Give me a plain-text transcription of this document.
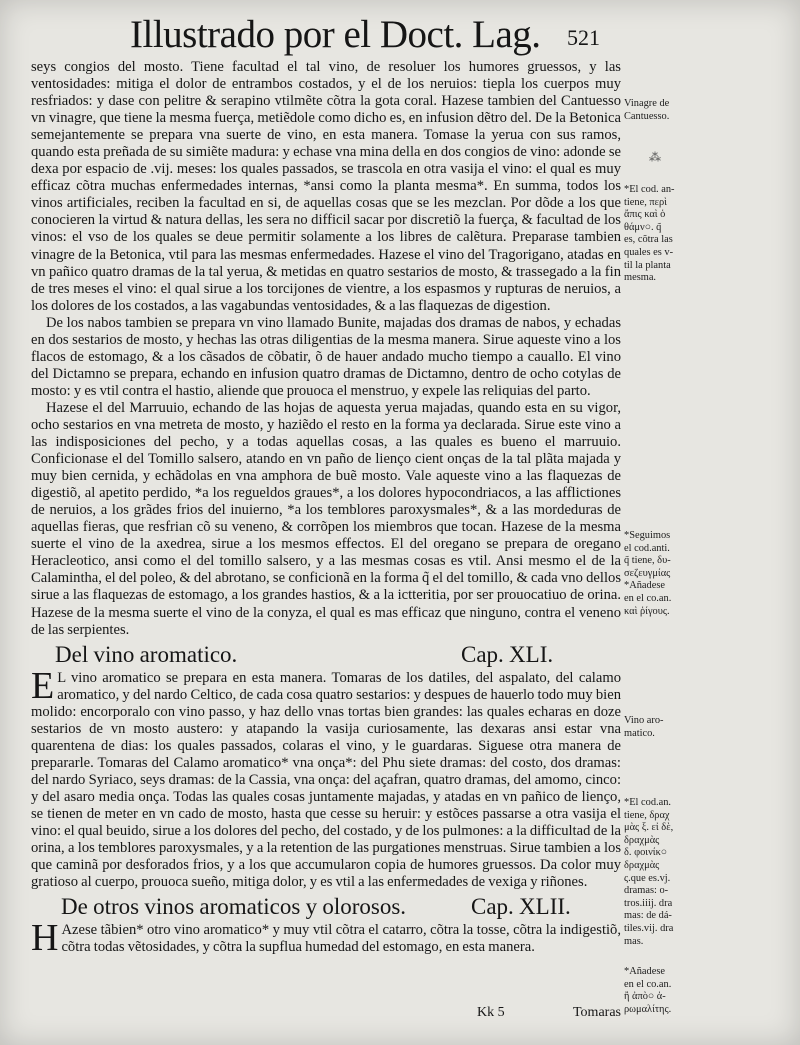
Illustrado por el Doct. Lag. 521

seys congios del mosto. Tiene facultad el tal vino, de resoluer los humores gruessos, y las ventosidades: mitiga el dolor de entrambos costados, y el de los neruios: tiepla los cuerpos muy resfriados: y dase con pelitre & serapino vtilmẽte cõtra la gota coral. Hazese tambien del Cantuesso vn vinagre, que tiene la mesma fuerça, metiẽdole como dicho es, en infusion dẽtro del. De la Betonica semejantemente se prepara vna suerte de vino, en esta manera. Tomase la yerua con sus ramos, quando esta preñada de su simiẽte madura: y echase vna mina della en dos congios de vino: adonde se dexa por espacio de .vij. meses: los quales passados, se trascola en otra vasija el vino: el qual es muy efficaz cõtra muchas enfermedades internas, *ansi como la planta mesma*. En summa, todos los vinos artificiales, reciben la facultad en si, de aquellas cosas que se les mezclan. Por dõde a los que conocieren la virtud & natura dellas, les sera no difficil sacar por discretiõ la fuerça, & facultad de los vinos: el vso de los quales se deue permitir solamente a los libres de calẽtura. Preparase tambien vinagre de la Betonica, vtil para las mesmas enfermedades. Hazese el vino del Tragorigano, atadas en vn pañico quatro dramas de la tal yerua, & metidas en quatro sestarios de mosto, & trassegado a la fin de tres meses el vino: el qual sirue a los torcijones de vientre, a los espasmos y rupturas de neruios, a los dolores de los costados, a las vagabundas ventosidades, & a las flaquezas de digestion.

De los nabos tambien se prepara vn vino llamado Bunite, majadas dos dramas de nabos, y echadas en dos sestarios de mosto, y hechas las otras diligentias de la mesma manera. Sirue aqueste vino a los flacos de estomago, & a los cãsados de cõbatir, õ de hauer andado mucho tiempo a cauallo. El vino del Dictamno se prepara, echando en infusion quatro dramas de Dictamno, dentro de ocho cotylas de mosto: y es vtil contra el hastio, aliende que prouoca el menstruo, y expele las reliquias del parto.

Hazese el del Marruuio, echando de las hojas de aquesta yerua majadas, quando esta en su vigor, ocho sestarios en vna metreta de mosto, y haziẽdo el resto en la forma ya declarada. Sirue este vino a las indisposiciones del pecho, y a todas aquellas cosas, a las quales es bueno el marruuio. Conficionase el del Tomillo salsero, atando en vn paño de lienço cient onças de la tal plãta majada y muy bien cernida, y echãdolas en vna amphora de buẽ mosto. Vale aqueste vino a las flaquezas de digestiõ, al apetito perdido, *a los regueldos graues*, a los dolores hypocondriacos, a las afflictiones de neruios, a los grãdes frios del inuierno, *a los temblores paroxysmales*, & a las mordeduras de aquellas fieras, que resfrian cõ su veneno, & corrõpen los miembros que tocan. Hazese de la mesma suerte el vino de la axedrea, sirue a los mesmos effectos. El del oregano se prepara de oregano Heracleotico, ansi como el del tomillo salsero, y a las mesmas cosas es vtil. Ansi mesmo el de la Calamintha, el del poleo, & del abrotano, se conficionã en la forma q̃ el del tomillo, & cada vno dellos sirue a las flaquezas de estomago, a los grandes hastios, & a la ictteritia, por ser prouocatiuo de orina. Hazese de la mesma suerte el vino de la conyza, el qual es mas efficaz que ninguno, contra el veneno de las serpientes.

Del vino aromatico.	Cap. XLI.

E L vino aromatico se prepara en esta manera. Tomaras de los datiles, del aspalato, del calamo aromatico, y del nardo Celtico, de cada cosa quatro sestarios: y despues de hauerlo todo muy bien molido: encorporalo con vino passo, y haz dello vnas tortas bien grandes: las quales echaras en doze sestarios de vn mosto austero: y atapando la vasija curiosamente, las dexaras ansi estar vna quarentena de dias: los quales passados, colaras el vino, y le guardaras. Siguese otra manera de prepararle. Tomaras del Calamo aromatico* vna onça*: del Phu siete dramas: del costo, dos dramas: del nardo Syriaco, seys dramas: de la Cassia, vna onça: del açafran, quatro dramas, del amomo, cinco: y del asaro media onça. Todas las quales cosas juntamente majadas, y atadas en vn pañico de lienço, se tienen de meter en vn cado de mosto, hasta que cesse su heruir: y estõces passarse a otra vasija el vino: el qual beuido, sirue a los dolores del pecho, del costado, y de los pulmones: a la difficultad de la orina, a los temblores paroxysmales, y a la retention de las purgationes menstruas. Sirue tambien a los que caminã por desforados frios, y a los que accumularon copia de humores gruessos. Da color muy gratioso al cuerpo, prouoca sueño, mitiga dolor, y es vtil a las enfermedades de vexiga y riñones.

De otros vinos aromaticos y olorosos.	Cap. XLII.

H Azese tãbien* otro vino aromatico* y muy vtil cõtra el catarro, cõtra la tosse, cõtra la indigestiõ, cõtra todas vẽtosidades, y cõtra la supflua humedad del estomago, en esta manera.

Vinagre de
Cantuesso.
*El cod. an-
tiene, περὶ
ἄπις καὶ ὁ
θάμν○. q̃
es, cõtra las
quales es v-
til la planta
mesma.
*Seguimos
el cod.anti.
q̃ tiene, δυ-
σεζευγμίας
*Añadese
en el co.an.
καὶ ῥίγους.
Vino aro-
matico.
*El cod.an.
tiene, δραχ
μὰς ξ. εἰ δὲ,
δραχμὰς
δ. φοινίκ○
δραχμὰς
ς.que es.vj.
dramas: o-
tros.iiij. dra
mas: de dá-
tiles.vij. dra
mas.
*Añadese
en el co.an.
ἢ ἀπὸ○ ἀ-
ρωμαλίτης.
⁂
Kk 5	Tomaras
